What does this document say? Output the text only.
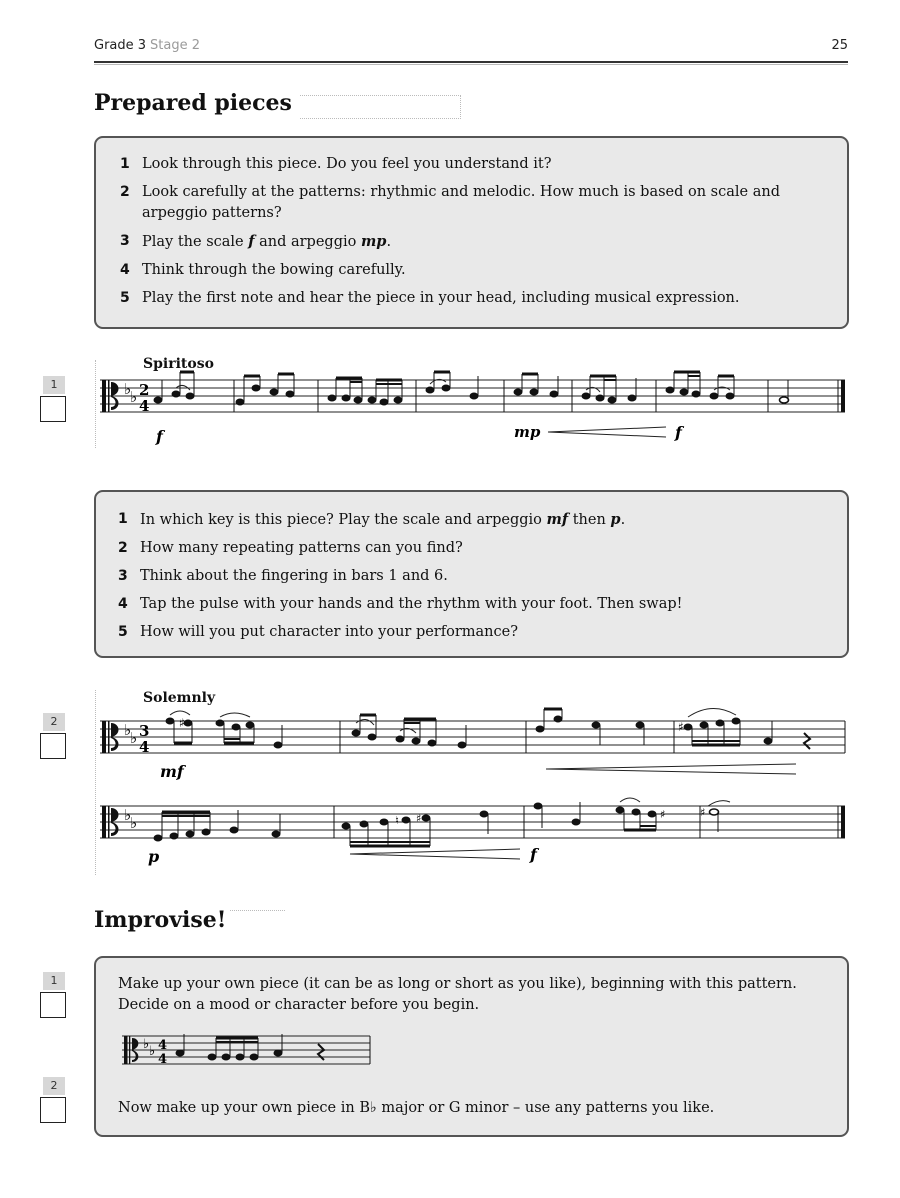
Grade 3 Stage 2	25
Prepared pieces
1 Look through this piece. Do you feel you understand it?
2 Look carefully at the patterns: rhythmic and melodic. How much is based on scale and arpeggio patterns?
3 Play the scale f and arpeggio mp.
4 Think through the bowing carefully.
5 Play the first note and hear the piece in your head, including musical expression.
1
Spiritoso
♭
♭ 2
4
f	mp	f
1 In which key is this piece? Play the scale and arpeggio mf then p.
2 How many repeating patterns can you find?
3 Think about the fingering in bars 1 and 6.
4 Tap the pulse with your hands and the rhythm with your foot. Then swap!
5 How will you put character into your performance?
2
Solemnly
♭
♭ 3
4
♯	♯
mf
♭
♭	♮ ♯	♯	♯
p	f
Improvise!
1
2

Make up your own piece (it can be as long or short as you like), beginning with this pattern. Decide on a mood or character before you begin.

♭ ♭ 4
4

Now make up your own piece in B♭ major or G minor – use any patterns you like.
